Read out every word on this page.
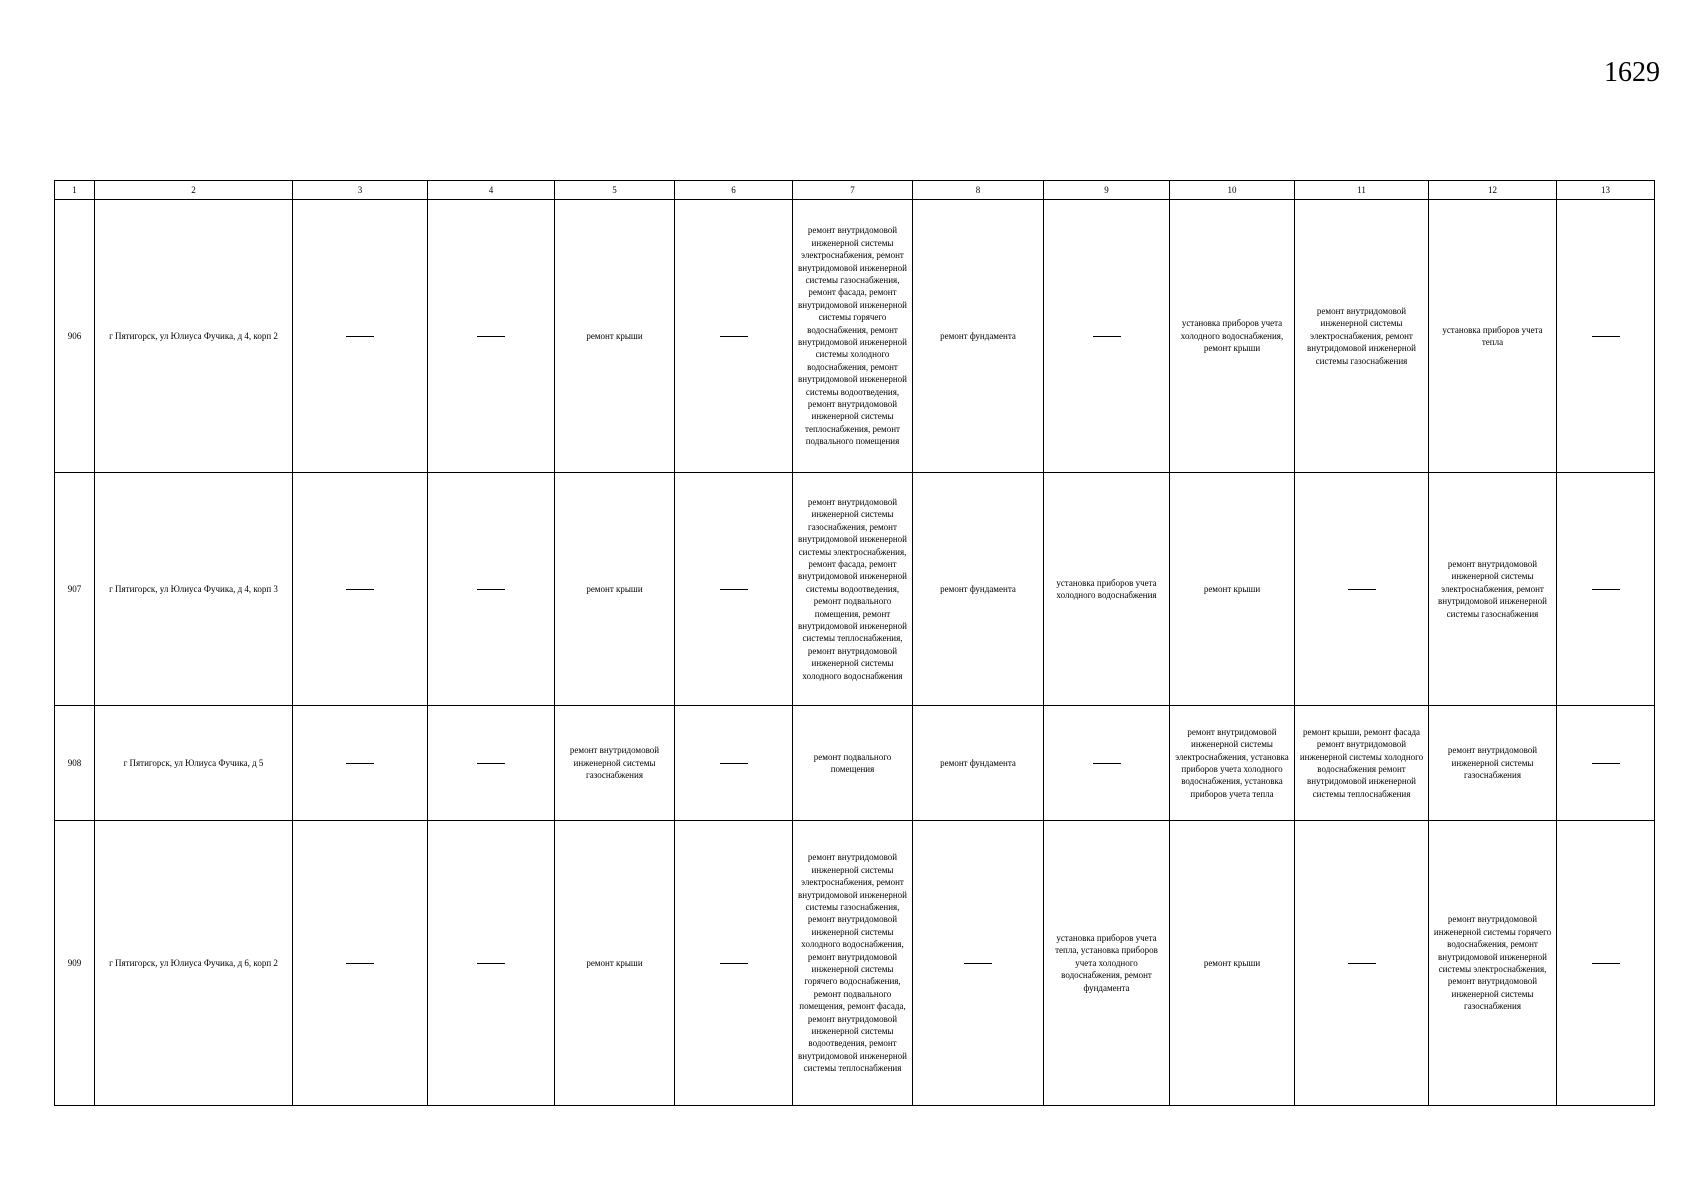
1629
1	2	3	4	5	6	7	8	9	10	11	12	13
906	г Пятигорск, ул Юлиуса Фучика, д 4, корп 2			ремонт крыши		ремонт внутридомовой инженерной системы электроснабжения, ремонт внутридомовой инженерной системы газоснабжения, ремонт фасада, ремонт внутридомовой инженерной системы горячего водоснабжения, ремонт внутридомовой инженерной системы холодного водоснабжения, ремонт внутридомовой инженерной системы водоотведения, ремонт внутридомовой инженерной системы теплоснабжения, ремонт подвального помещения	ремонт фундамента		установка приборов учета холодного водоснабжения, ремонт крыши	ремонт внутридомовой инженерной системы электроснабжения, ремонт внутридомовой инженерной системы газоснабжения	установка приборов учета тепла	
907	г Пятигорск, ул Юлиуса Фучика, д 4, корп 3			ремонт крыши		ремонт внутридомовой инженерной системы газоснабжения, ремонт внутридомовой инженерной системы электроснабжения, ремонт фасада, ремонт внутридомовой инженерной системы водоотведения, ремонт подвального помещения, ремонт внутридомовой инженерной системы теплоснабжения, ремонт внутридомовой инженерной системы холодного водоснабжения	ремонт фундамента	установка приборов учета холодного водоснабжения	ремонт крыши		ремонт внутридомовой инженерной системы электроснабжения, ремонт внутридомовой инженерной системы газоснабжения	
908	г Пятигорск, ул Юлиуса Фучика, д 5			ремонт внутридомовой инженерной системы газоснабжения		ремонт подвального помещения	ремонт фундамента		ремонт внутридомовой инженерной системы электроснабжения, установка приборов учета холодного водоснабжения, установка приборов учета тепла	ремонт крыши, ремонт фасада ремонт внутридомовой инженерной системы холодного водоснабжения ремонт внутридомовой инженерной системы теплоснабжения	ремонт внутридомовой инженерной системы газоснабжения	
909	г Пятигорск, ул Юлиуса Фучика, д 6, корп 2			ремонт крыши		ремонт внутридомовой инженерной системы электроснабжения, ремонт внутридомовой инженерной системы газоснабжения, ремонт внутридомовой инженерной системы холодного водоснабжения, ремонт внутридомовой инженерной системы горячего водоснабжения, ремонт подвального помещения, ремонт фасада, ремонт внутридомовой инженерной системы водоотведения, ремонт внутридомовой инженерной системы теплоснабжения		установка приборов учета тепла, установка приборов учета холодного водоснабжения, ремонт фундамента	ремонт крыши		ремонт внутридомовой инженерной системы горячего водоснабжения, ремонт внутридомовой инженерной системы электроснабжения, ремонт внутридомовой инженерной системы газоснабжения	
